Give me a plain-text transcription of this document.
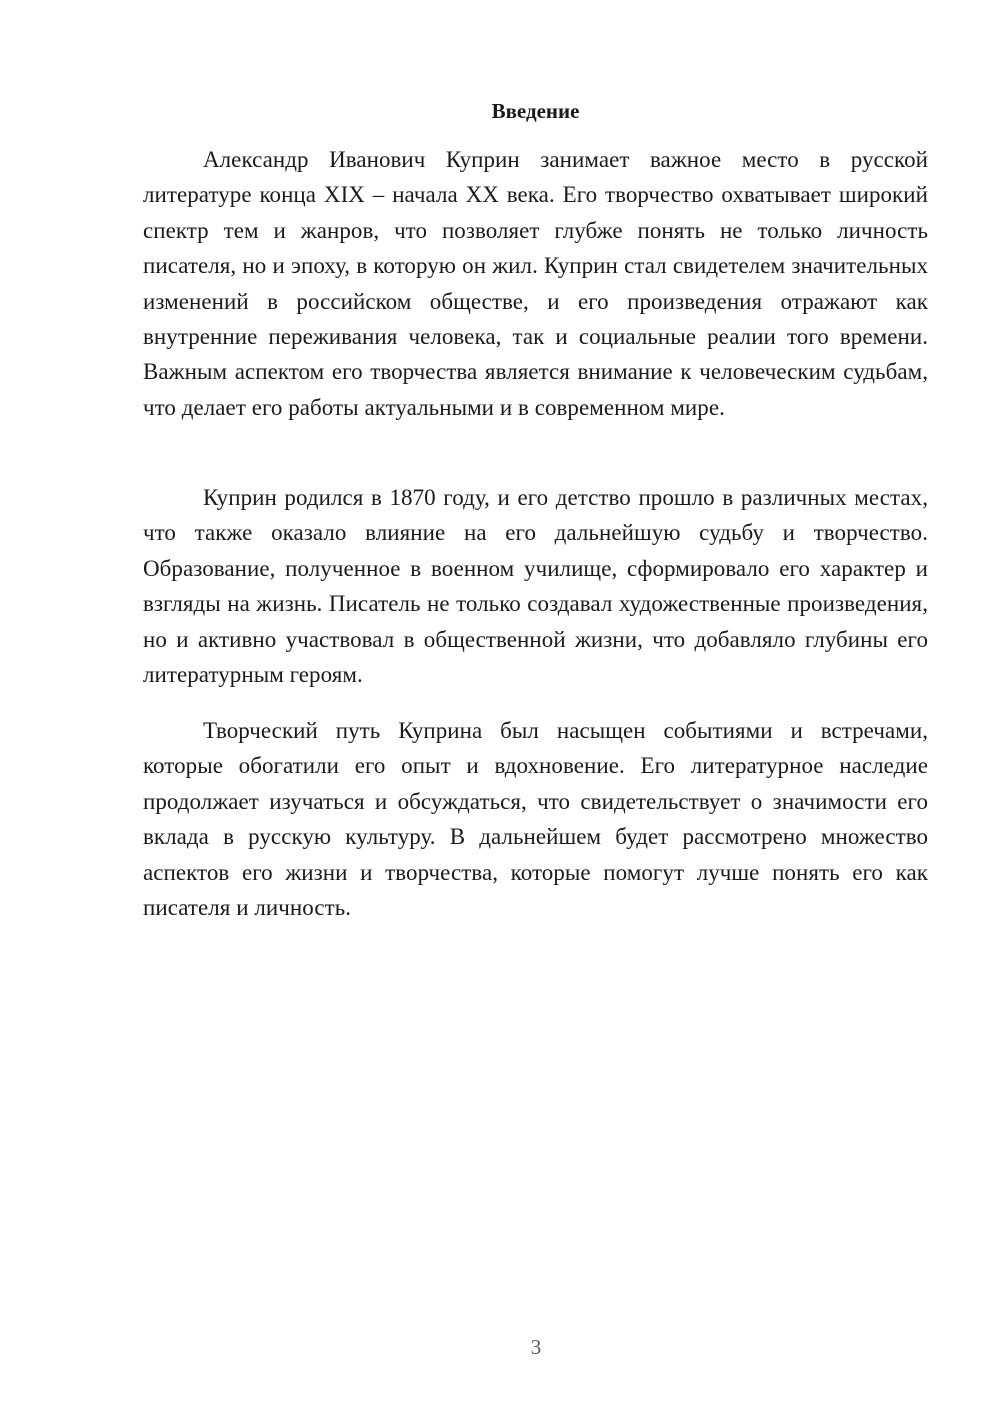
Введение

Александр Иванович Куприн занимает важное место в русской литературе конца XIX – начала XX века. Его творчество охватывает широкий спектр тем и жанров, что позволяет глубже понять не только личность писателя, но и эпоху, в которую он жил. Куприн стал свидетелем значительных изменений в российском обществе, и его произведения отражают как внутренние переживания человека, так и социальные реалии того времени. Важным аспектом его творчества является внимание к человеческим судьбам, что делает его работы актуальными и в современном мире.

Куприн родился в 1870 году, и его детство прошло в различных местах, что также оказало влияние на его дальнейшую судьбу и творчество. Образование, полученное в военном училище, сформировало его характер и взгляды на жизнь. Писатель не только создавал художественные произведения, но и активно участвовал в общественной жизни, что добавляло глубины его литературным героям.

Творческий путь Куприна был насыщен событиями и встречами, которые обогатили его опыт и вдохновение. Его литературное наследие продолжает изучаться и обсуждаться, что свидетельствует о значимости его вклада в русскую культуру. В дальнейшем будет рассмотрено множество аспектов его жизни и творчества, которые помогут лучше понять его как писателя и личность.

3
